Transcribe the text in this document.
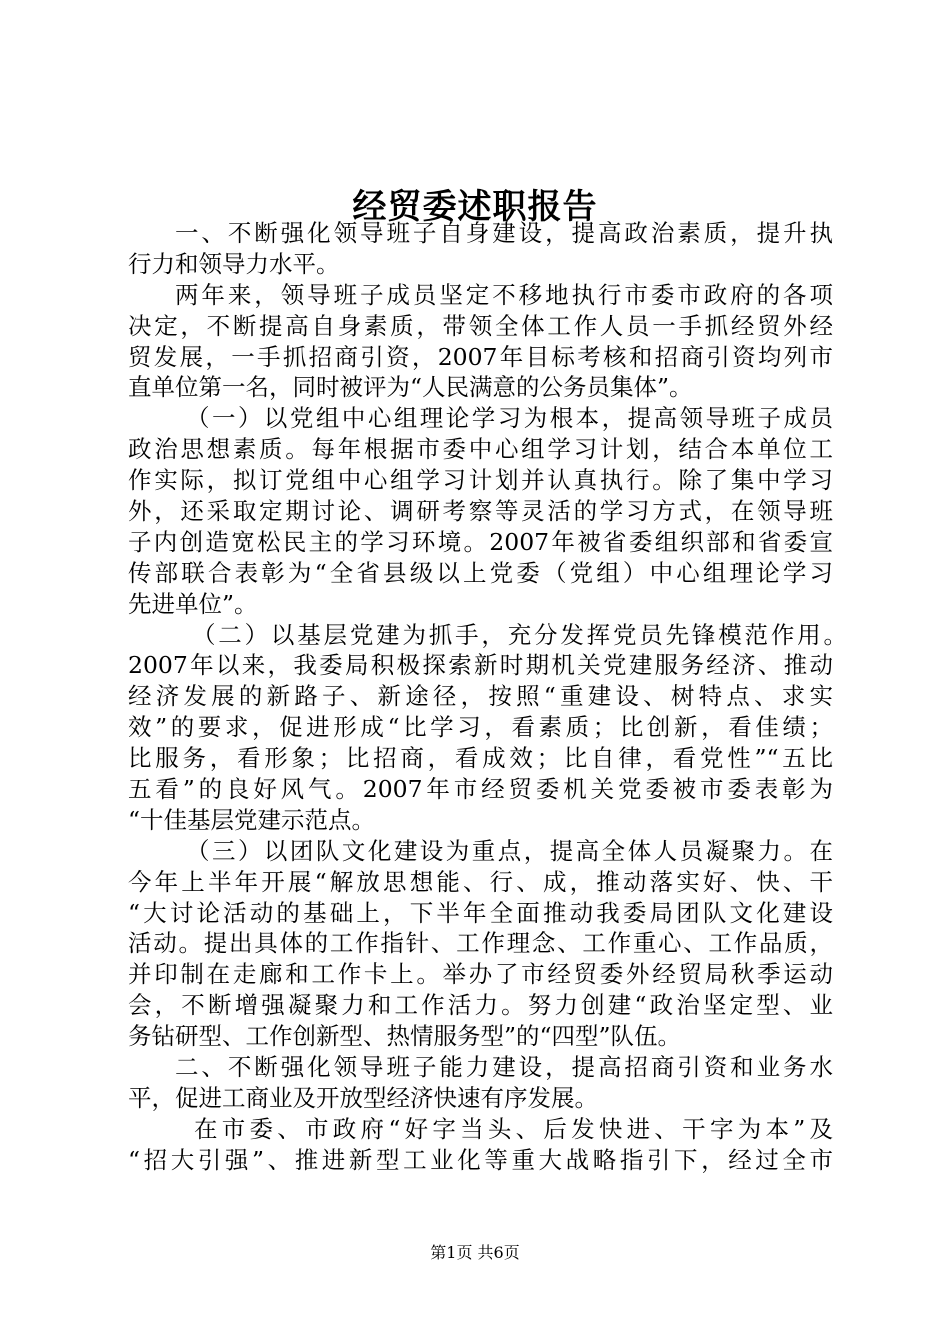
经贸委述职报告
一、不断强化领导班子自身建设，提高政治素质，提升执
行力和领导力水平。
两年来，领导班子成员坚定不移地执行市委市政府的各项
决定，不断提高自身素质，带领全体工作人员一手抓经贸外经
贸发展，一手抓招商引资，2007年目标考核和招商引资均列市
直单位第一名，同时被评为“人民满意的公务员集体”。
（一）以党组中心组理论学习为根本，提高领导班子成员
政治思想素质。每年根据市委中心组学习计划，结合本单位工
作实际，拟订党组中心组学习计划并认真执行。除了集中学习
外，还采取定期讨论、调研考察等灵活的学习方式，在领导班
子内创造宽松民主的学习环境。2007年被省委组织部和省委宣
传部联合表彰为“全省县级以上党委（党组）中心组理论学习
先进单位”。
（二）以基层党建为抓手，充分发挥党员先锋模范作用。
2007年以来，我委局积极探索新时期机关党建服务经济、推动
经济发展的新路子、新途径，按照“重建设、树特点、求实
效”的要求，促进形成“比学习，看素质；比创新，看佳绩；
比服务，看形象；比招商，看成效；比自律，看党性”“五比
五看”的良好风气。2007年市经贸委机关党委被市委表彰为
“十佳基层党建示范点。
（三）以团队文化建设为重点，提高全体人员凝聚力。在
今年上半年开展“解放思想能、行、成，推动落实好、快、干
“大讨论活动的基础上，下半年全面推动我委局团队文化建设
活动。提出具体的工作指针、工作理念、工作重心、工作品质，
并印制在走廊和工作卡上。举办了市经贸委外经贸局秋季运动
会，不断增强凝聚力和工作活力。努力创建“政治坚定型、业
务钻研型、工作创新型、热情服务型”的“四型”队伍。
二、不断强化领导班子能力建设，提高招商引资和业务水
平，促进工商业及开放型经济快速有序发展。
在市委、市政府“好字当头、后发快进、干字为本”及
“招大引强”、推进新型工业化等重大战略指引下，经过全市
第1页 共6页
